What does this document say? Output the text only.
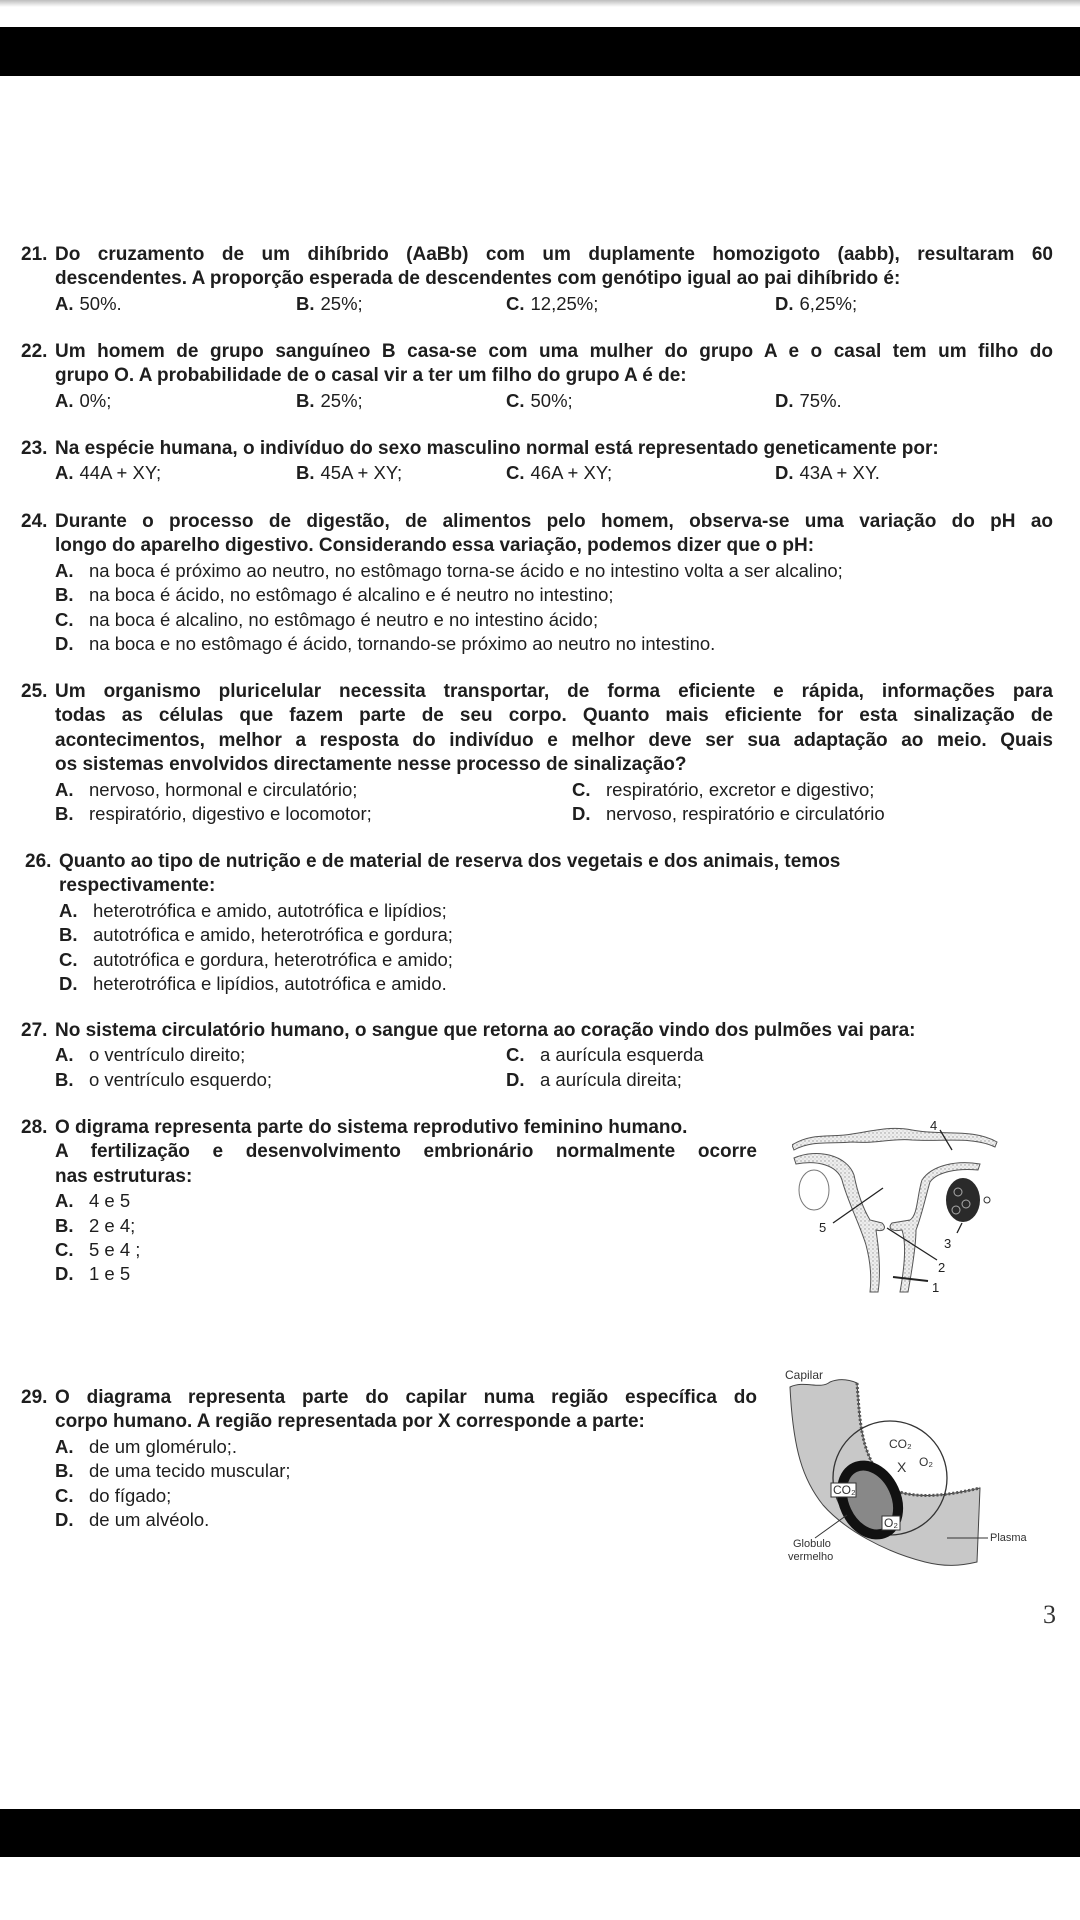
21. Do cruzamento de um dihíbrido (AaBb) com um duplamente homozigoto (aabb), resultaram 60
descendentes. A proporção esperada de descendentes com genótipo igual ao pai dihíbrido é:
A. 50%.	B. 25%;	C. 12,25%;	D. 6,25%;
22. Um homem de grupo sanguíneo B casa-se com uma mulher do grupo A e o casal tem um filho do
grupo O. A probabilidade de o casal vir a ter um filho do grupo A é de:
A. 0%;	B. 25%;	C. 50%;	D. 75%.
23. Na espécie humana, o indivíduo do sexo masculino normal está representado geneticamente por:
A. 44A + XY;	B. 45A + XY;	C. 46A + XY;	D. 43A + XY.
24. Durante o processo de digestão, de alimentos pelo homem, observa-se uma variação do pH ao
longo do aparelho digestivo. Considerando essa variação, podemos dizer que o pH:
A. na boca é próximo ao neutro, no estômago torna-se ácido e no intestino volta a ser alcalino;
B. na boca é ácido, no estômago é alcalino e é neutro no intestino;
C. na boca é alcalino, no estômago é neutro e no intestino ácido;
D. na boca e no estômago é ácido, tornando-se próximo ao neutro no intestino.
25. Um organismo pluricelular necessita transportar, de forma eficiente e rápida, informações para
todas as células que fazem parte de seu corpo. Quanto mais eficiente for esta sinalização de
acontecimentos, melhor a resposta do indivíduo e melhor deve ser sua adaptação ao meio. Quais
os sistemas envolvidos directamente nesse processo de sinalização?
A. nervoso, hormonal e circulatório;	C. respiratório, excretor e digestivo;
B. respiratório, digestivo e locomotor;	D. nervoso, respiratório e circulatório
26. Quanto ao tipo de nutrição e de material de reserva dos vegetais e dos animais, temos
respectivamente:
A. heterotrófica e amido, autotrófica e lipídios;
B. autotrófica e amido, heterotrófica e gordura;
C. autotrófica e gordura, heterotrófica e amido;
D. heterotrófica e lipídios, autotrófica e amido.
27. No sistema circulatório humano, o sangue que retorna ao coração vindo dos pulmões vai para:
A. o ventrículo direito;	C. a aurícula esquerda
B. o ventrículo esquerdo;	D. a aurícula direita;
28. O digrama representa parte do sistema reprodutivo feminino humano.
A fertilização e desenvolvimento embrionário normalmente ocorre
nas estruturas:
A. 4 e 5
B. 2 e 4;
C. 5 e 4 ;
D. 1 e 5
29. O diagrama representa parte do capilar numa região específica do
corpo humano. A região representada por X corresponde a parte:
A. de um glomérulo;.
B. de uma tecido muscular;
C. do fígado;
D. de um alvéolo.
4
5
3
2
1
Capilar
CO₂
X O₂
CO₂
O₂
Globulo
vermelho
Plasma
3
